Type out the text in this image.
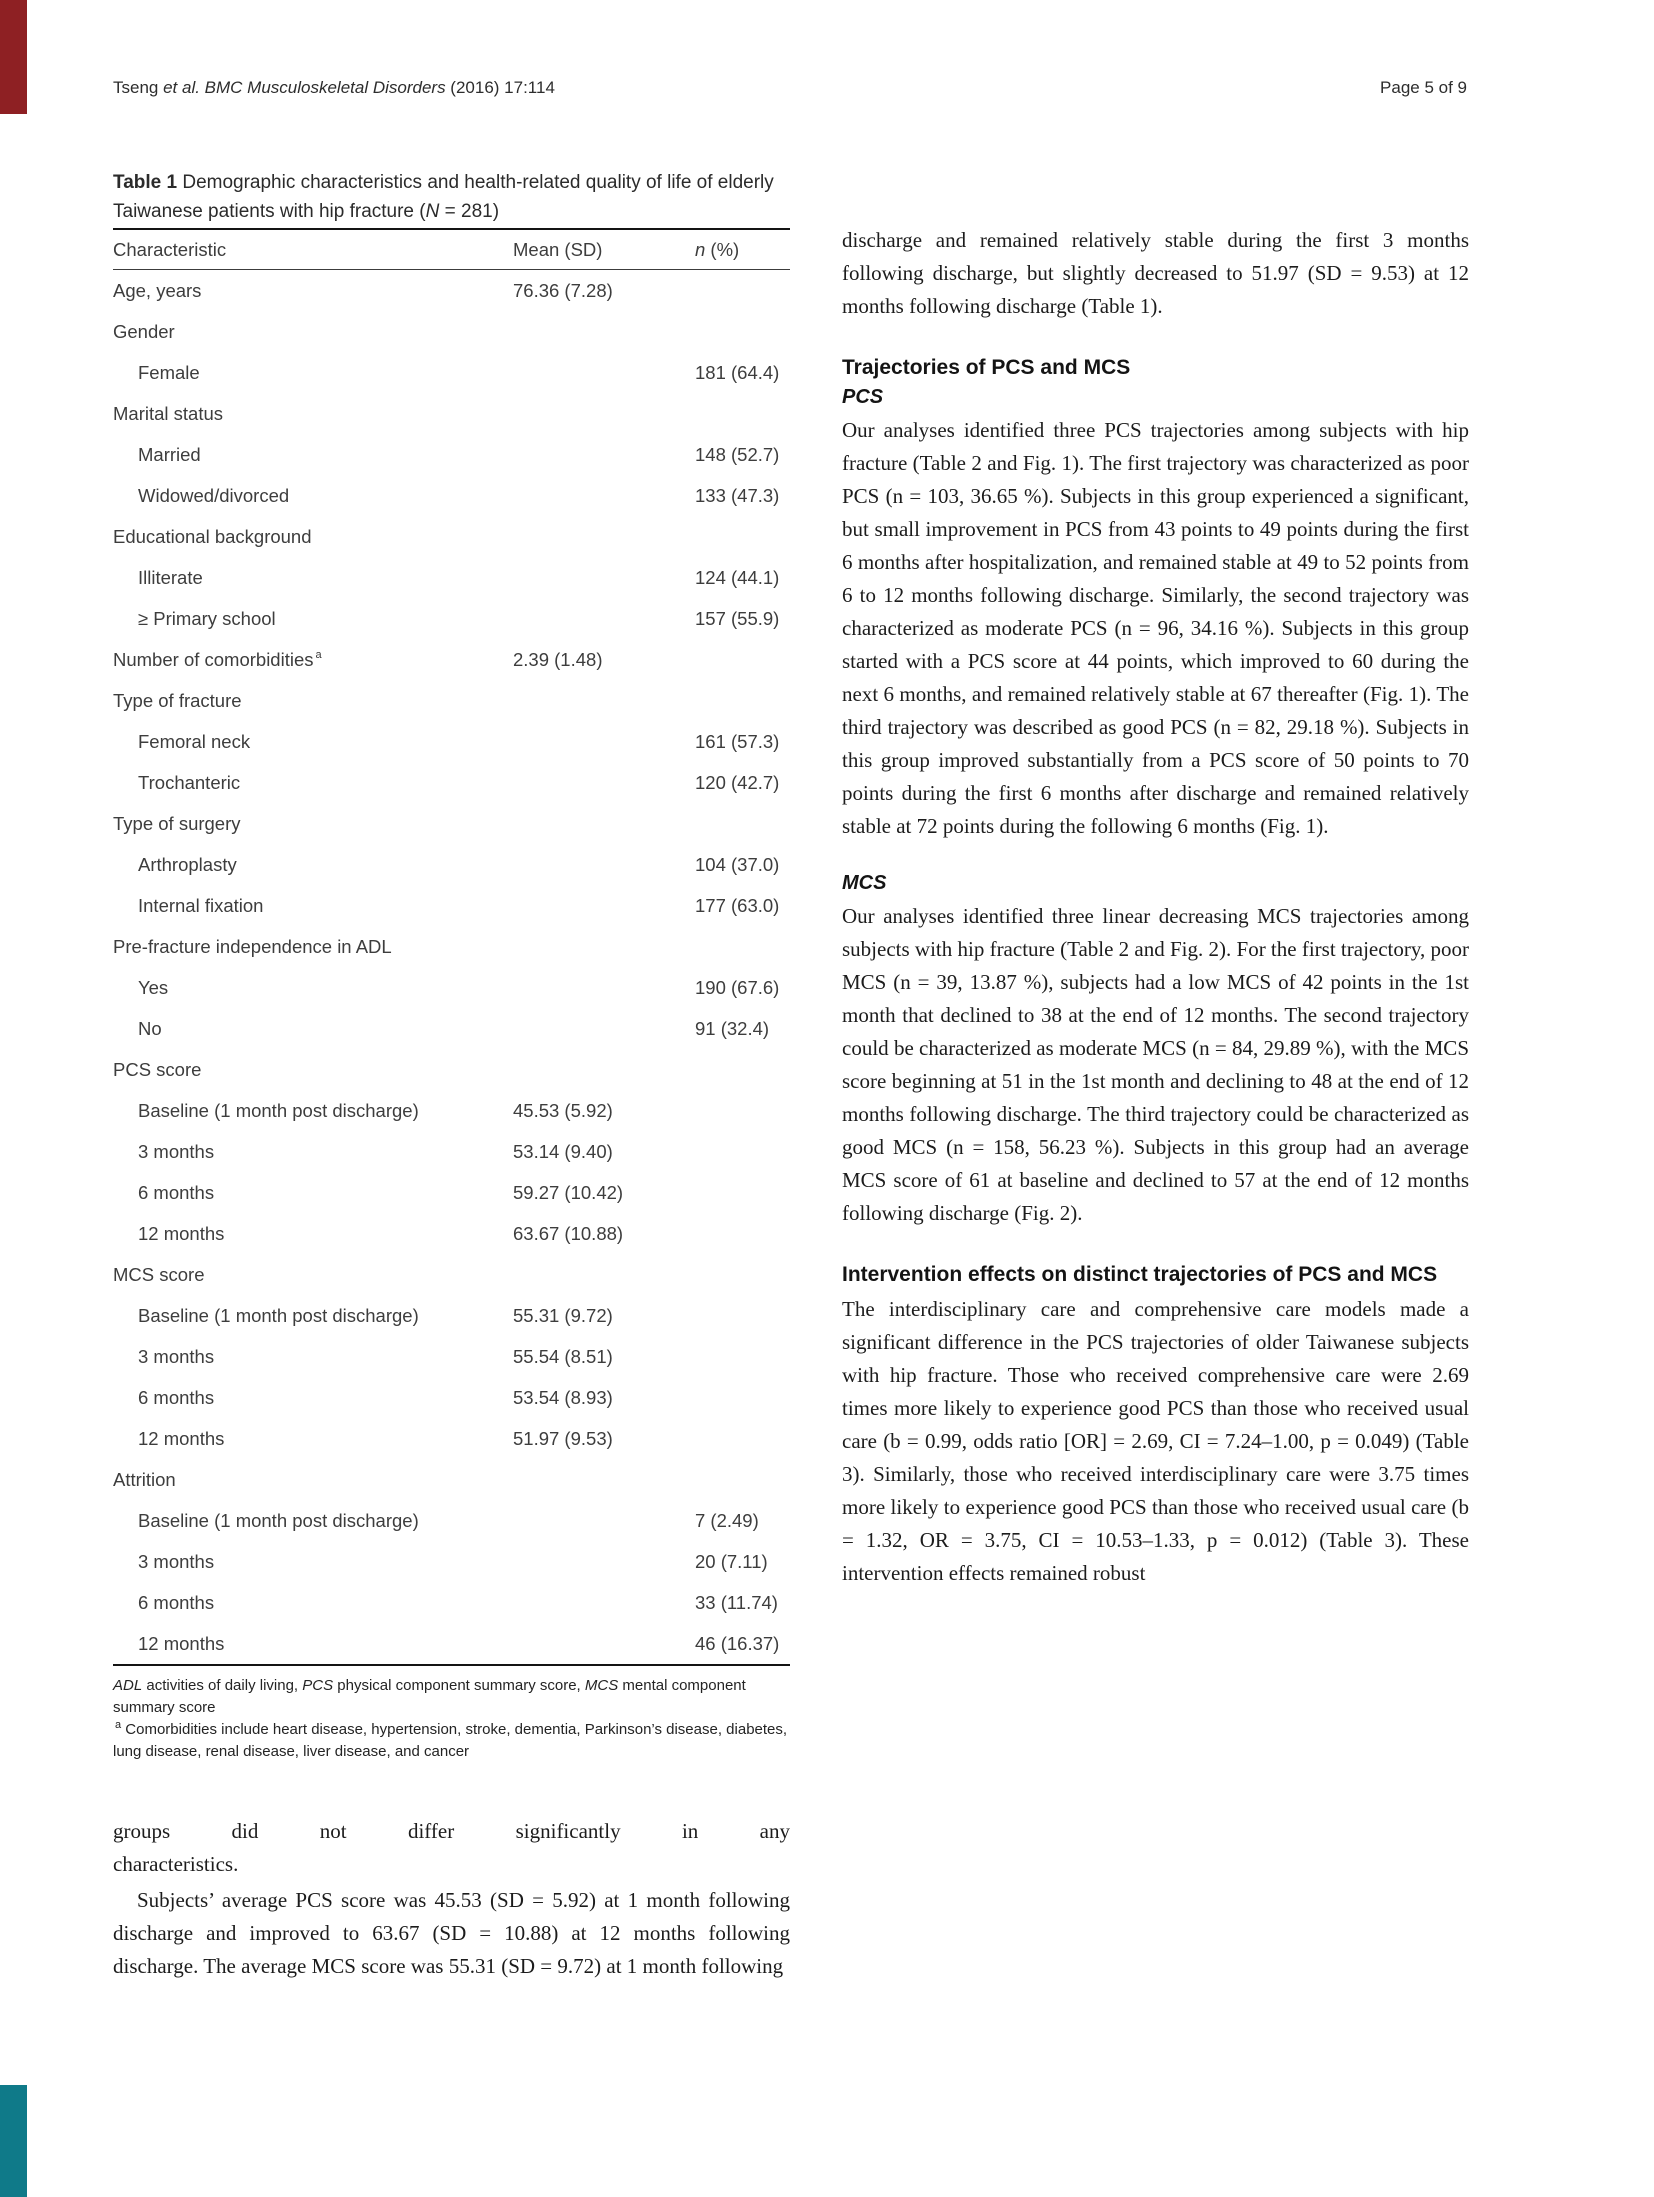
Tseng et al. BMC Musculoskeletal Disorders (2016) 17:114	Page 5 of 9
Table 1 Demographic characteristics and health-related quality of life of elderly Taiwanese patients with hip fracture (N = 281)
Characteristic	Mean (SD)	n (%)
Age, years	76.36 (7.28)
Gender
Female	181 (64.4)
Marital status
Married	148 (52.7)
Widowed/divorced	133 (47.3)
Educational background
Illiterate	124 (44.1)
≥ Primary school	157 (55.9)
Number of comorbidities $^a$	2.39 (1.48)
Type of fracture
Femoral neck	161 (57.3)
Trochanteric	120 (42.7)
Type of surgery
Arthroplasty	104 (37.0)
Internal fixation	177 (63.0)
Pre-fracture independence in ADL
Yes	190 (67.6)
No	91 (32.4)
PCS score
Baseline (1 month post discharge)	45.53 (5.92)
3 months	53.14 (9.40)
6 months	59.27 (10.42)
12 months	63.67 (10.88)
MCS score
Baseline (1 month post discharge)	55.31 (9.72)
3 months	55.54 (8.51)
6 months	53.54 (8.93)
12 months	51.97 (9.53)
Attrition
Baseline (1 month post discharge)	7 (2.49)
3 months	20 (7.11)
6 months	33 (11.74)
12 months	46 (16.37)
ADL activities of daily living, PCS physical component summary score, MCS mental component summary score
$^a$ Comorbidities include heart disease, hypertension, stroke, dementia, Parkinson’s disease, diabetes, lung disease, renal disease, liver disease, and cancer

groups did not differ significantly in any
characteristics.

Subjects’ average PCS score was 45.53 (SD = 5.92) at 1 month following discharge and improved to 63.67 (SD = 10.88) at 12 months following discharge. The average MCS score was 55.31 (SD = 9.72) at 1 month following

discharge and remained relatively stable during the first 3 months following discharge, but slightly decreased to 51.97 (SD = 9.53) at 12 months following discharge (Table 1).

Trajectories of PCS and MCS
PCS

Our analyses identified three PCS trajectories among subjects with hip fracture (Table 2 and Fig. 1). The first trajectory was characterized as poor PCS (n = 103, 36.65 %). Subjects in this group experienced a significant, but small improvement in PCS from 43 points to 49 points during the first 6 months after hospitalization, and remained stable at 49 to 52 points from 6 to 12 months following discharge. Similarly, the second trajectory was characterized as moderate PCS (n = 96, 34.16 %). Subjects in this group started with a PCS score at 44 points, which improved to 60 during the next 6 months, and remained relatively stable at 67 thereafter (Fig. 1). The third trajectory was described as good PCS (n = 82, 29.18 %). Subjects in this group improved substantially from a PCS score of 50 points to 70 points during the first 6 months after discharge and remained relatively stable at 72 points during the following 6 months (Fig. 1).

MCS

Our analyses identified three linear decreasing MCS trajectories among subjects with hip fracture (Table 2 and Fig. 2). For the first trajectory, poor MCS (n = 39, 13.87 %), subjects had a low MCS of 42 points in the 1st month that declined to 38 at the end of 12 months. The second trajectory could be characterized as moderate MCS (n = 84, 29.89 %), with the MCS score beginning at 51 in the 1st month and declining to 48 at the end of 12 months following discharge. The third trajectory could be characterized as good MCS (n = 158, 56.23 %). Subjects in this group had an average MCS score of 61 at baseline and declined to 57 at the end of 12 months following discharge (Fig. 2).

Intervention effects on distinct trajectories of PCS and MCS

The interdisciplinary care and comprehensive care models made a significant difference in the PCS trajectories of older Taiwanese subjects with hip fracture. Those who received comprehensive care were 2.69 times more likely to experience good PCS than those who received usual care (b = 0.99, odds ratio [OR] = 2.69, CI = 7.24–1.00, p = 0.049) (Table 3). Similarly, those who received interdisciplinary care were 3.75 times more likely to experience good PCS than those who received usual care (b = 1.32, OR = 3.75, CI = 10.53–1.33, p = 0.012) (Table 3). These intervention effects remained robust
